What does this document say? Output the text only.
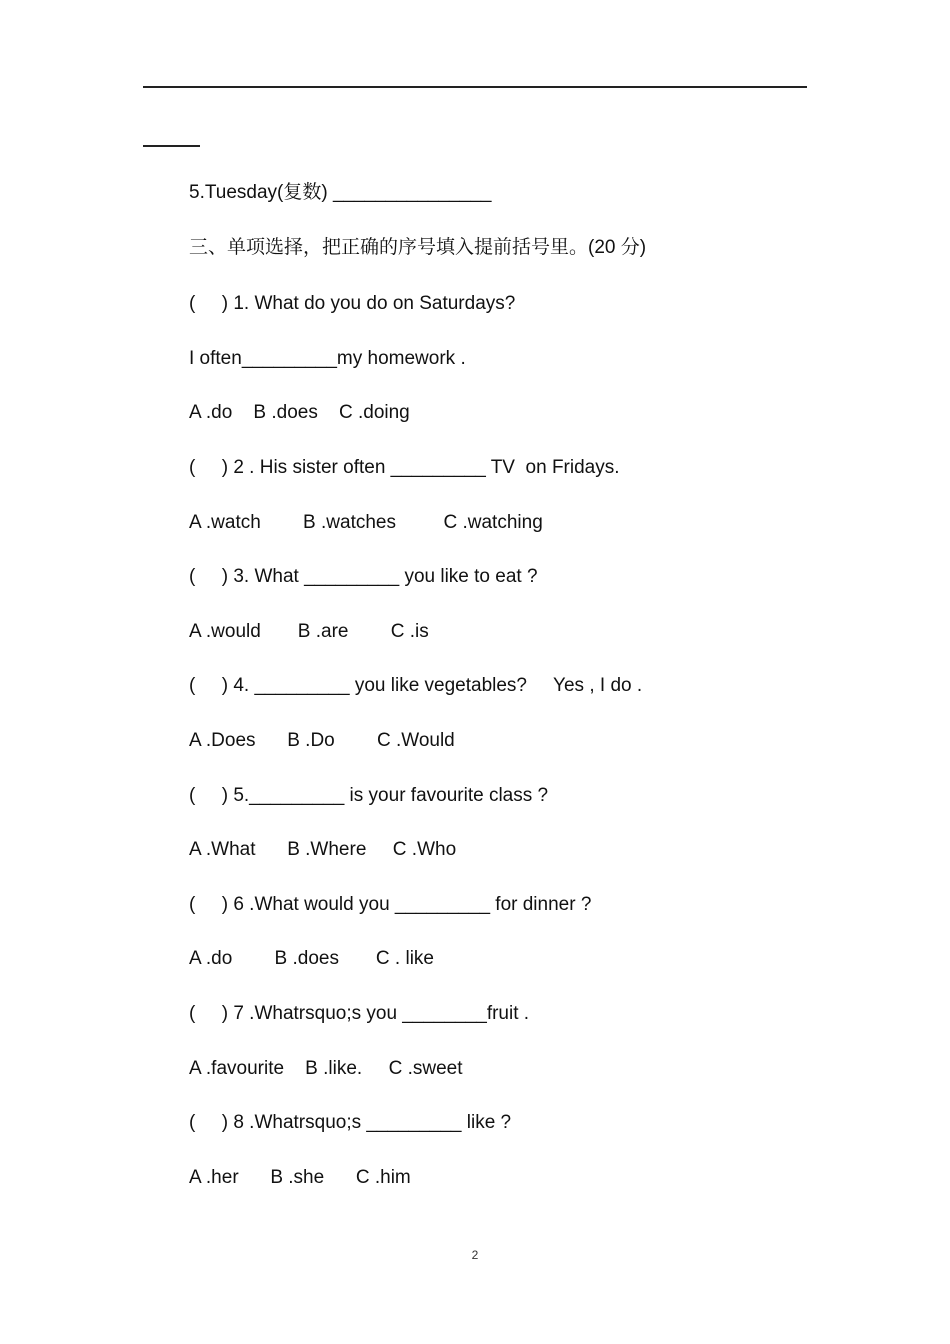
5.Tuesday(复数) _______________
三、单项选择，把正确的序号填入提前括号里。(20 分)
(     ) 1. What do you do on Saturdays?
I often_________my homework .
A .do    B .does    C .doing
(     ) 2 . His sister often _________ TV  on Fridays.
A .watch        B .watches         C .watching
(     ) 3. What _________ you like to eat ?
A .would       B .are        C .is
(     ) 4. _________ you like vegetables?     Yes , I do .
A .Does      B .Do        C .Would
(     ) 5._________ is your favourite class ?
A .What      B .Where     C .Who
(     ) 6 .What would you _________ for dinner ?
A .do        B .does       C . like
(     ) 7 .Whatrsquo;s you ________fruit .
A .favourite    B .like.     C .sweet
(     ) 8 .Whatrsquo;s _________ like ?
A .her      B .she      C .him
2
